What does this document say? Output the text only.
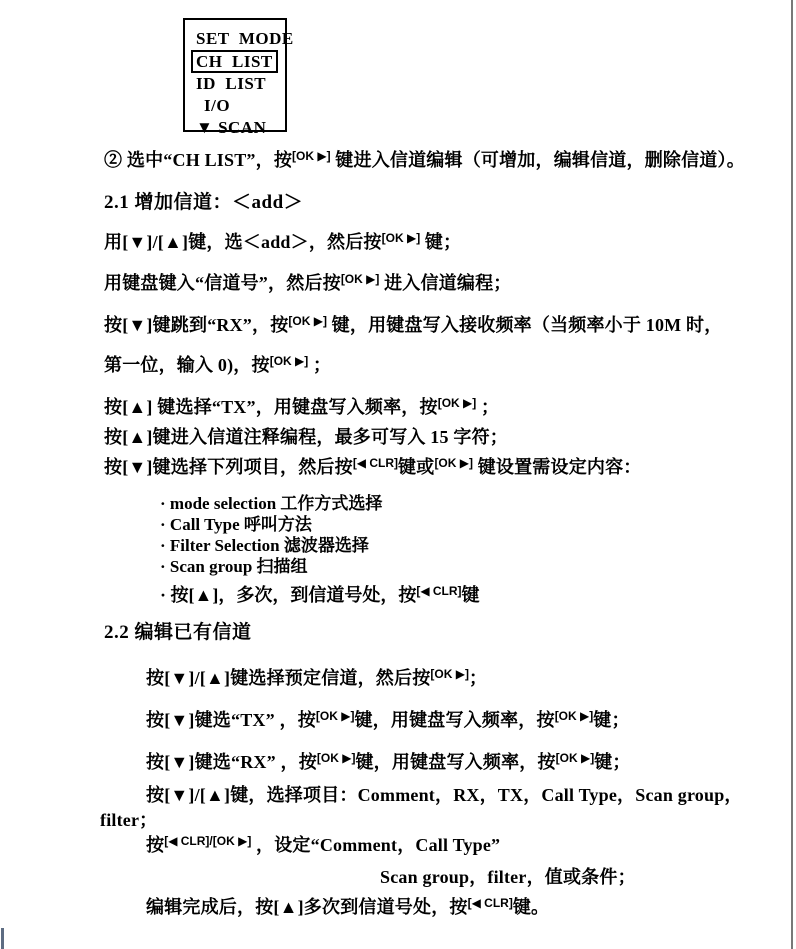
SET  MODE
CH  LIST
ID  LIST
I/O
▼ SCAN
② 选中“CH LIST”，按[OK ▶] 键进入信道编辑（可增加，编辑信道，删除信道）。
2.1 增加信道：＜add＞
用[▼]/[▲]键，选＜add＞，然后按[OK ▶] 键；
用键盘键入“信道号”，然后按[OK ▶] 进入信道编程；
按[▼]键跳到“RX”，按[OK ▶] 键，用键盘写入接收频率（当频率小于 10M 时，
第一位，输入 0)，按[OK ▶] ；
按[▲] 键选择“TX”，用键盘写入频率，按[OK ▶] ；
按[▲]键进入信道注释编程，最多可写入 15 字符；
按[▼]键选择下列项目，然后按[◀ CLR]键或[OK ▶] 键设置需设定内容：
· mode selection 工作方式选择
· Call Type 呼叫方法
· Filter Selection 滤波器选择
· Scan group 扫描组
· 按[▲]，多次，到信道号处，按[◀ CLR]键
2.2 编辑已有信道
按[▼]/[▲]键选择预定信道，然后按[OK ▶]；
按[▼]键选“TX” ，按[OK ▶]键，用键盘写入频率，按[OK ▶]键；
按[▼]键选“RX” ，按[OK ▶]键，用键盘写入频率，按[OK ▶]键；
按[▼]/[▲]键，选择项目：Comment，RX，TX，Call Type，Scan group，
filter；
按[◀ CLR]/[OK ▶] ，设定“Comment，Call Type”
Scan group，filter，值或条件；
编辑完成后，按[▲]多次到信道号处，按[◀ CLR]键。
